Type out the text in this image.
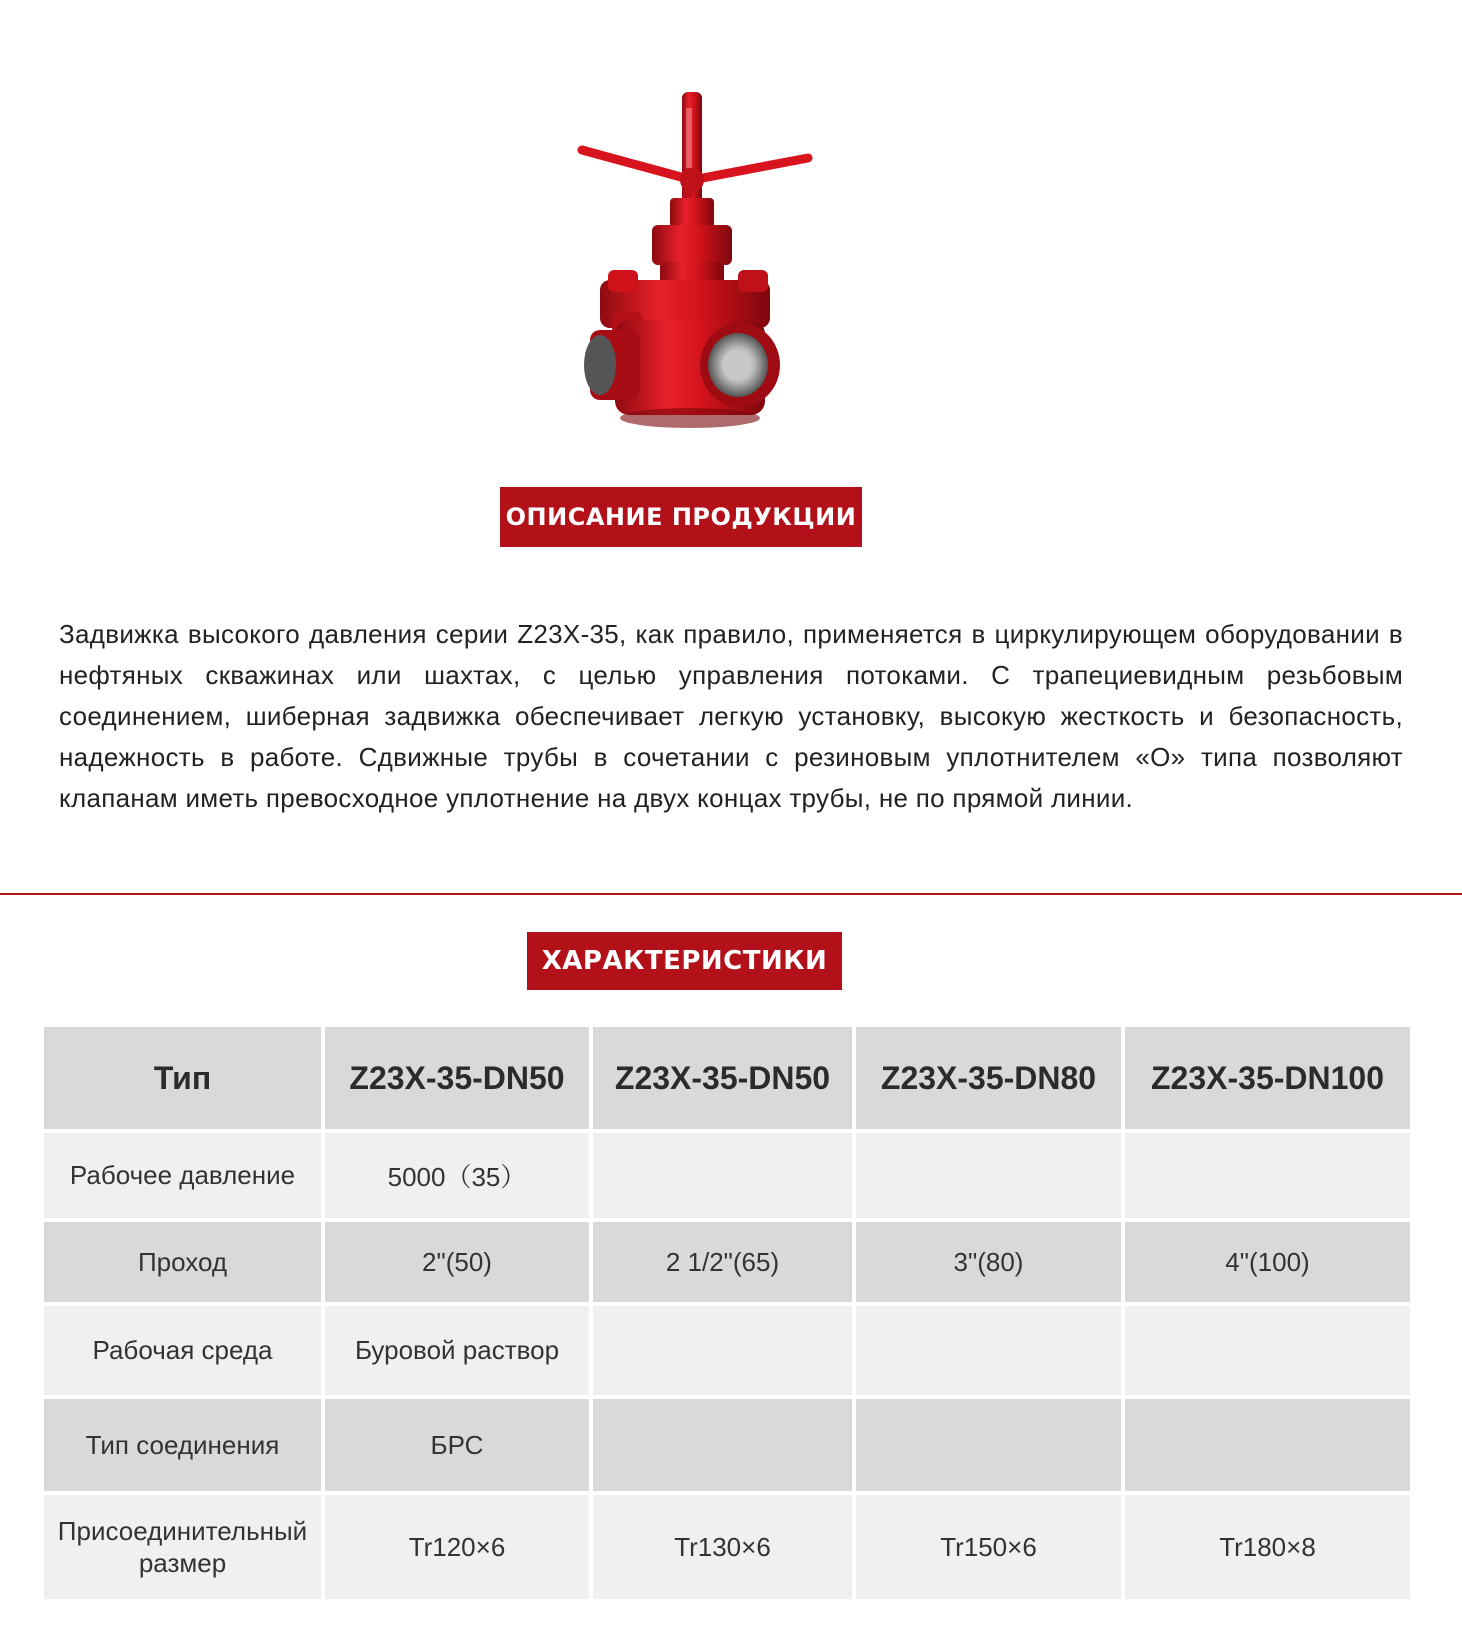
ОПИСАНИЕ ПРОДУКЦИИ

Задвижка высокого давления серии Z23X-35, как правило, применяется в циркулирующем оборудовании в нефтяных скважинах или шахтах, с целью управления потоками. С трапециевидным резьбовым соединением, шиберная задвижка обеспечивает легкую установку, высокую жесткость и безопасность, надежность в работе. Сдвижные трубы в сочетании с резиновым уплотнителем «О» типа позволяют клапанам иметь превосходное уплотнение на двух концах трубы, не по прямой линии.

ХАРАКТЕРИСТИКИ
Тип	Z23X-35-DN50	Z23X-35-DN50	Z23X-35-DN80	Z23X-35-DN100
Рабочее давление	5000（35）			
Проход	2"(50)	2 1/2"(65)	3"(80)	4"(100)
Рабочая среда	Буровой раствор			
Тип соединения	БРС			
Присоединительный размер	Tr120×6	Tr130×6	Tr150×6	Tr180×8
